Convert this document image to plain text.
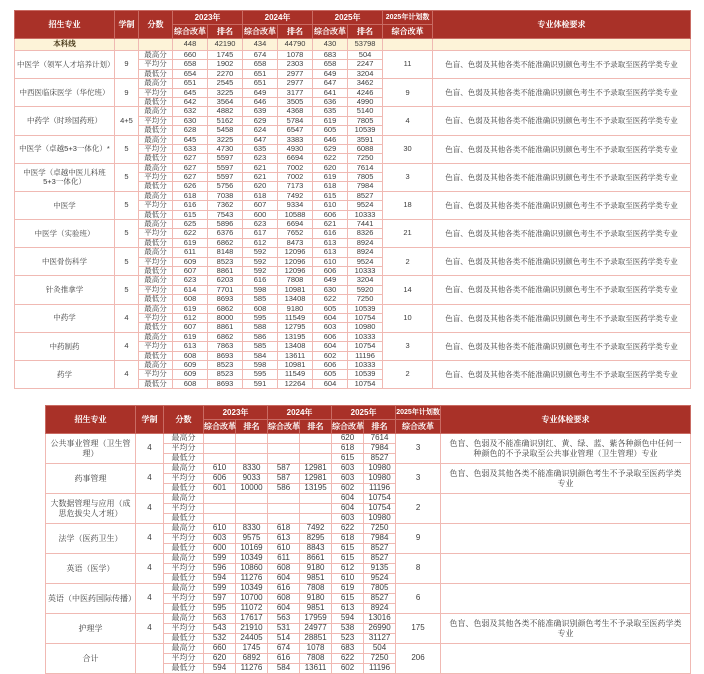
招生专业	学制	分数	2023年		2024年		2025年		2025年计划数	专业体检要求
			综合改革	排名	综合改革	排名	综合改革	排名	综合改革	
本科线			448	42190	434	44790	430	53798		
中医学（领军人才培养计划）	9	最高分	660	1745	674	1078	683	504	11	色盲、色弱及其他各类不能准确识别颜色考生不予录取至医药学类专业
		平均分	658	1902	658	2303	658	2247		
		最低分	654	2270	651	2977	649	3204		
中西医临床医学（华佗班）	9	最高分	651	2545	651	2977	647	3462	9	色盲、色弱及其他各类不能准确识别颜色考生不予录取至医药学类专业
		平均分	645	3225	649	3177	641	4246		
		最低分	642	3564	646	3505	636	4990		
中药学（时珍国药班）	4+5	最高分	632	4882	639	4368	635	5140	4	色盲、色弱及其他各类不能准确识别颜色考生不予录取至医药学类专业
		平均分	630	5162	629	5784	619	7805		
		最低分	628	5458	624	6547	605	10539		
中医学（卓越5+3一体化）*	5	最高分	645	3225	647	3383	646	3591	30	色盲、色弱及其他各类不能准确识别颜色考生不予录取至医药学类专业
		平均分	633	4730	635	4930	629	6088		
		最低分	627	5597	623	6694	622	7250		
中医学（卓越中医儿科班5+3一体化）	5	最高分	627	5597	621	7002	620	7614	3	色盲、色弱及其他各类不能准确识别颜色考生不予录取至医药学类专业
		平均分	627	5597	621	7002	619	7805		
		最低分	626	5756	620	7173	618	7984		
中医学	5	最高分	618	7038	618	7492	615	8527	18	色盲、色弱及其他各类不能准确识别颜色考生不予录取至医药学类专业
		平均分	616	7362	607	9334	610	9524		
		最低分	615	7543	600	10588	606	10333		
中医学（实验班）	5	最高分	625	5896	623	6694	621	7441	21	色盲、色弱及其他各类不能准确识别颜色考生不予录取至医药学类专业
		平均分	622	6376	617	7652	616	8326		
		最低分	619	6862	612	8473	613	8924		
中医骨伤科学	5	最高分	611	8148	592	12096	613	8924	2	色盲、色弱及其他各类不能准确识别颜色考生不予录取至医药学类专业
		平均分	609	8523	592	12096	610	9524		
		最低分	607	8861	592	12096	606	10333		
针灸推拿学	5	最高分	623	6203	616	7808	649	3204	14	色盲、色弱及其他各类不能准确识别颜色考生不予录取至医药学类专业
		平均分	614	7701	598	10981	630	5920		
		最低分	608	8693	585	13408	622	7250		
中药学	4	最高分	619	6862	608	9180	605	10539	10	色盲、色弱及其他各类不能准确识别颜色考生不予录取至医药学类专业
		平均分	612	8000	595	11549	604	10754		
		最低分	607	8861	588	12795	603	10980		
中药制药	4	最高分	619	6862	586	13195	606	10333	3	色盲、色弱及其他各类不能准确识别颜色考生不予录取至医药学类专业
		平均分	613	7863	585	13408	604	10754		
		最低分	608	8693	584	13611	602	11196		
药学	4	最高分	609	8523	598	10981	606	10333	2	色盲、色弱及其他各类不能准确识别颜色考生不予录取至医药学类专业
		平均分	609	8523	595	11549	605	10539		
		最低分	608	8693	591	12264	604	10754		
招生专业	学制	分数	2023年		2024年		2025年		2025年计划数	专业体检要求
			综合改革	排名	综合改革	排名	综合改革	排名	综合改革	
公共事业管理（卫生管理）	4	最高分					620	7614	3	色盲、色弱及不能准确识别红、黄、绿、蓝、紫各种颜色中任何一种颜色的不予录取至公共事业管理（卫生管理）专业
		平均分					618	7984		
		最低分					615	8527		
药事管理	4	最高分	610	8330	587	12981	603	10980	3	色盲、色弱及其他各类不能准确识别颜色考生不予录取至医药学类专业
		平均分	606	9033	587	12981	603	10980		
		最低分	601	10000	586	13195	602	11196		
大数据管理与应用（成思危拔尖人才班）	4	最高分					604	10754	2	
		平均分					604	10754		
		最低分					603	10980		
法学（医药卫生）	4	最高分	610	8330	618	7492	622	7250	9	
		平均分	603	9575	613	8295	618	7984		
		最低分	600	10169	610	8843	615	8527		
英语（医学）	4	最高分	599	10349	611	8661	615	8527	8	
		平均分	596	10860	608	9180	612	9135		
		最低分	594	11276	604	9851	610	9524		
英语（中医药国际传播）	4	最高分	599	10349	616	7808	619	7805	6	
		平均分	597	10700	608	9180	615	8527		
		最低分	595	11072	604	9851	613	8924		
护理学	4	最高分	563	17617	563	17959	594	13016	175	色盲、色弱及其他各类不能准确识别颜色考生不予录取至医药学类专业
		平均分	543	21910	531	24977	538	26990		
		最低分	532	24405	514	28851	523	31127		
合计		最高分	660	1745	674	1078	683	504	206	
		平均分	620	6892	616	7808	622	7250		
		最低分	594	11276	584	13611	602	11196		
